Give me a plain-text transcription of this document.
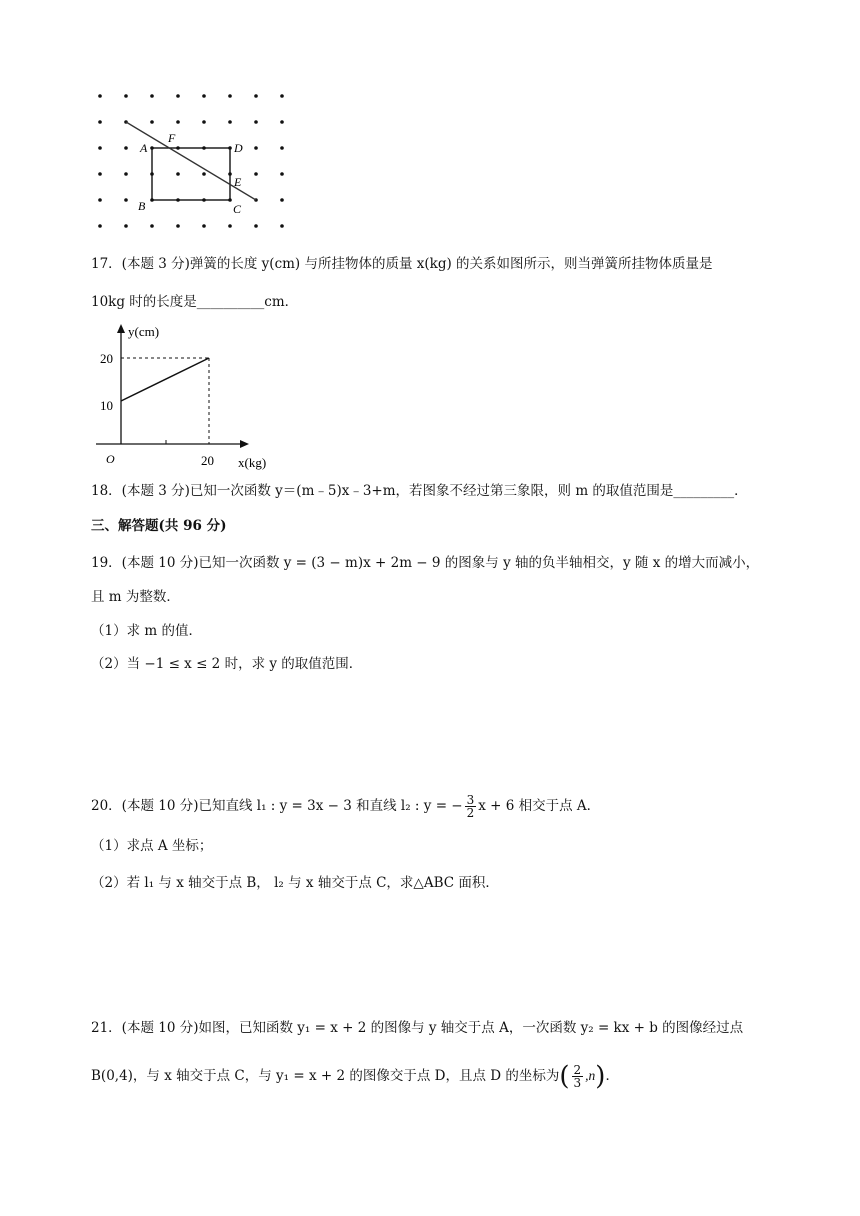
A
F
D
E
B	C
17．(本题 3 分)弹簧的长度 y(cm) 与所挂物体的质量 x(kg) 的关系如图所示，则当弹簧所挂物体质量是
10kg 时的长度是__________cm．
y(cm)
x(kg)
O
20
10
20
18．(本题 3 分)已知一次函数 y＝(m﹣5)x﹣3+m，若图象不经过第三象限，则 m 的取值范围是_________．
三、解答题(共 96 分)
19．(本题 10 分)已知一次函数 y = (3 − m)x + 2m − 9 的图象与 y 轴的负半轴相交，y 随 x 的增大而减小，
且 m 为整数．
（1）求 m 的值．
（2）当 −1 ≤ x ≤ 2 时，求 y 的取值范围．
20．(本题 10 分)已知直线 l₁ : y = 3x − 3 和直线 l₂ : y = − $\frac{3}{2}$ x + 6 相交于点 A．
（1）求点 A 坐标；
（2）若 l₁ 与 x 轴交于点 B， l₂ 与 x 轴交于点 C，求△ABC 面积．
21．(本题 10 分)如图，已知函数 y₁ = x + 2 的图像与 y 轴交于点 A，一次函数 y₂ = kx + b 的图像经过点
B(0,4)，与 x 轴交于点 C，与 y₁ = x + 2 的图像交于点 D，且点 D 的坐标为( $\frac{2}{3} ,n$)．
